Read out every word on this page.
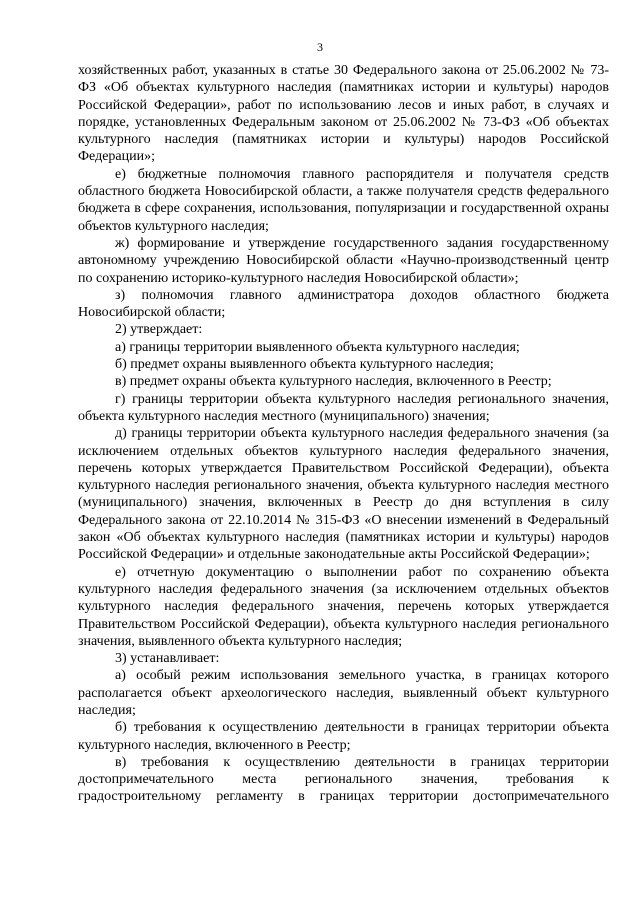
3

хозяйственных работ, указанных в статье 30 Федерального закона от 25.06.2002 № 73-ФЗ «Об объектах культурного наследия (памятниках истории и культуры) народов Российской Федерации», работ по использованию лесов и иных работ, в случаях и порядке, установленных Федеральным законом от 25.06.2002 № 73-ФЗ «Об объектах культурного наследия (памятниках истории и культуры) народов Российской Федерации»;

е) бюджетные полномочия главного распорядителя и получателя средств областного бюджета Новосибирской области, а также получателя средств федерального бюджета в сфере сохранения, использования, популяризации и государственной охраны объектов культурного наследия;

ж) формирование и утверждение государственного задания государственному автономному учреждению Новосибирской области «Научно-производственный центр по сохранению историко-культурного наследия Новосибирской области»;

з) полномочия главного администратора доходов областного бюджета Новосибирской области;

2) утверждает:

а) границы территории выявленного объекта культурного наследия;

б) предмет охраны выявленного объекта культурного наследия;

в) предмет охраны объекта культурного наследия, включенного в Реестр;

г) границы территории объекта культурного наследия регионального значения, объекта культурного наследия местного (муниципального) значения;

д) границы территории объекта культурного наследия федерального значения (за исключением отдельных объектов культурного наследия федерального значения, перечень которых утверждается Правительством Российской Федерации), объекта культурного наследия регионального значения, объекта культурного наследия местного (муниципального) значения, включенных в Реестр до дня вступления в силу Федерального закона от 22.10.2014 № 315-ФЗ «О внесении изменений в Федеральный закон «Об объектах культурного наследия (памятниках истории и культуры) народов Российской Федерации» и отдельные законодательные акты Российской Федерации»;

е) отчетную документацию о выполнении работ по сохранению объекта культурного наследия федерального значения (за исключением отдельных объектов культурного наследия федерального значения, перечень которых утверждается Правительством Российской Федерации), объекта культурного наследия регионального значения, выявленного объекта культурного наследия;

3) устанавливает:

а) особый режим использования земельного участка, в границах которого располагается объект археологического наследия, выявленный объект культурного наследия;

б) требования к осуществлению деятельности в границах территории объекта культурного наследия, включенного в Реестр;

в) требования к осуществлению деятельности в границах территории достопримечательного места регионального значения, требования к градостроительному регламенту в границах территории достопримечательного
